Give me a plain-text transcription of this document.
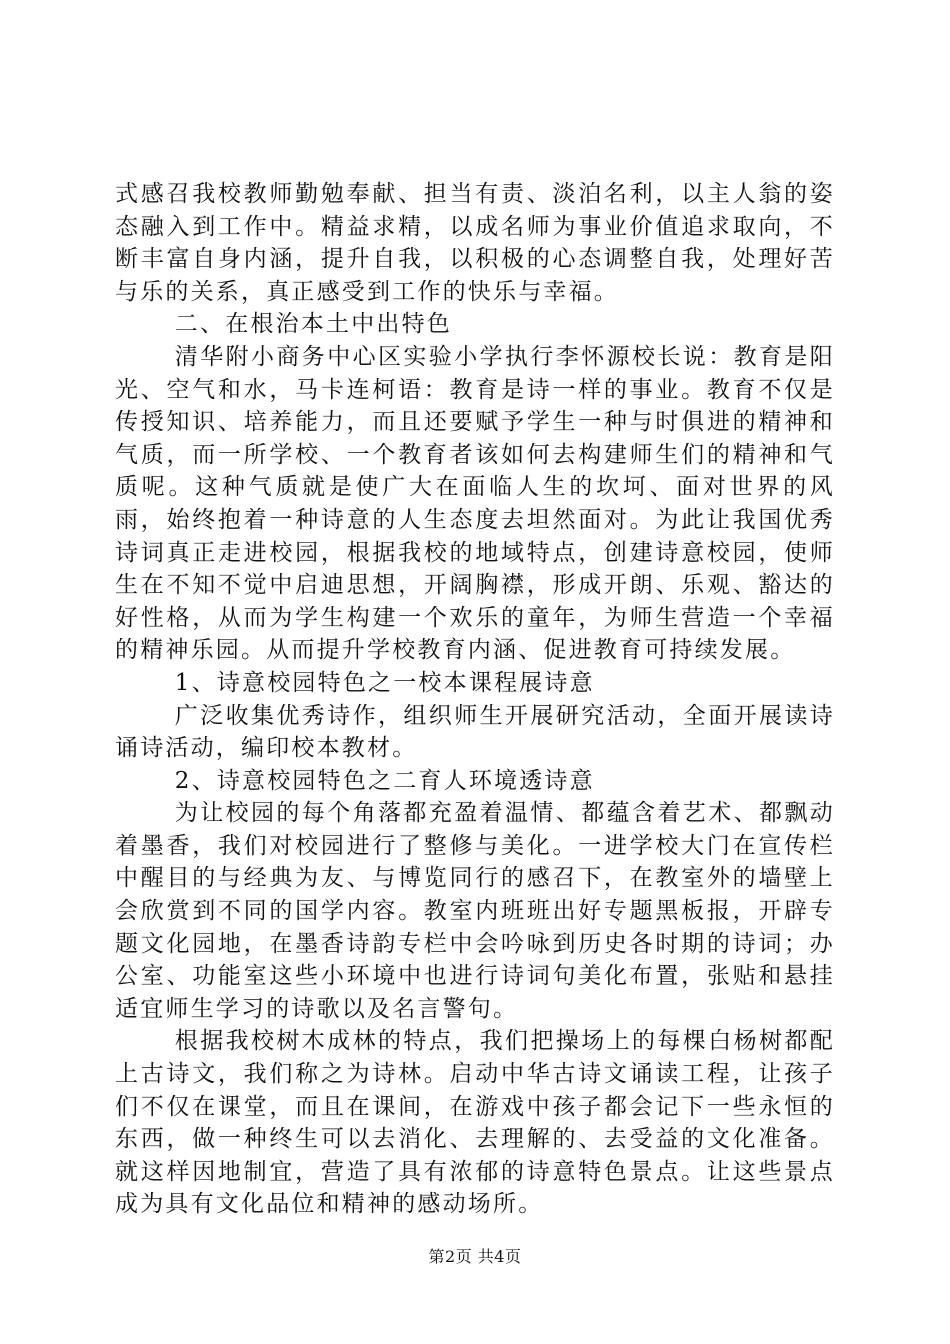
式感召我校教师勤勉奉献、担当有责、淡泊名利，以主人翁的姿态融入到工作中。精益求精，以成名师为事业价值追求取向，不断丰富自身内涵，提升自我，以积极的心态调整自我，处理好苦与乐的关系，真正感受到工作的快乐与幸福。

二、在根治本土中出特色

清华附小商务中心区实验小学执行李怀源校长说：教育是阳光、空气和水，马卡连柯语：教育是诗一样的事业。教育不仅是传授知识、培养能力，而且还要赋予学生一种与时俱进的精神和气质，而一所学校、一个教育者该如何去构建师生们的精神和气质呢。这种气质就是使广大在面临人生的坎坷、面对世界的风雨，始终抱着一种诗意的人生态度去坦然面对。为此让我国优秀诗词真正走进校园，根据我校的地域特点，创建诗意校园，使师生在不知不觉中启迪思想，开阔胸襟，形成开朗、乐观、豁达的好性格，从而为学生构建一个欢乐的童年，为师生营造一个幸福的精神乐园。从而提升学校教育内涵、促进教育可持续发展。

1、诗意校园特色之一校本课程展诗意

广泛收集优秀诗作，组织师生开展研究活动，全面开展读诗诵诗活动，编印校本教材。

2、诗意校园特色之二育人环境透诗意

为让校园的每个角落都充盈着温情、都蕴含着艺术、都飘动着墨香，我们对校园进行了整修与美化。一进学校大门在宣传栏中醒目的与经典为友、与博览同行的感召下，在教室外的墙壁上会欣赏到不同的国学内容。教室内班班出好专题黑板报，开辟专题文化园地，在墨香诗韵专栏中会吟咏到历史各时期的诗词；办公室、功能室这些小环境中也进行诗词句美化布置，张贴和悬挂适宜师生学习的诗歌以及名言警句。

根据我校树木成林的特点，我们把操场上的每棵白杨树都配上古诗文，我们称之为诗林。启动中华古诗文诵读工程，让孩子们不仅在课堂，而且在课间，在游戏中孩子都会记下一些永恒的东西，做一种终生可以去消化、去理解的、去受益的文化准备。就这样因地制宜，营造了具有浓郁的诗意特色景点。让这些景点成为具有文化品位和精神的感动场所。

第2页 共4页
